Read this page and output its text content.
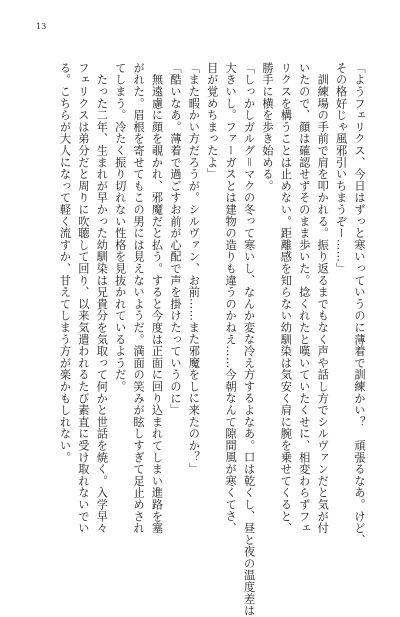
13
「ようフェリクス、今日はずっと寒いっていうのに薄着で訓練かい？　頑張るなあ。けど、
その格好じゃ風邪引いちまうぞー……」
　訓練場の手前で肩を叩かれる。振り返るまでもなく声や話し方でシルヴァンだと気が付
いたので、顔は確認せずそのまま歩いた。捻くれたと嘆いていたくせに、相変わらずフェ
リクスを構うことは止めない。距離感を知らない幼馴染は気安く肩に腕を乗せてくると、
勝手に横を歩き始める。
「しっかしガルグ＝マクの冬って寒いし、なんか変な冷え方するよなあ。口は乾くし、昼と夜の温度差は
大きいし。ファーガスとは建物の造りも違うのかねえ……今朝なんて隙間風が寒くてさ、
目が覚めちまったよ」
「また暇かい方だろうが。シルヴァン、お前……また邪魔をしに来たのか？」
「酷いなあ。薄着で過ごすお前が心配で声を掛けたっていうのに」
　無遠慮に顔を覗かれ、邪魔だと払う。すると今度は正面に回り込まれてしまい進路を塞
がれた。眉根を寄せてもこの男には見えないようだ。満面の笑みが眩しすぎて足止めされ
てしまう。冷たく振り切れない性格を見抜かれているようだ。
　たった二年、生まれが早かった幼馴染は兄貴分を気取って何かと世話を焼く。入学早々
フェリクスは弟分だと周りに吹聴して回り、以来気遣われるたび素直に受け取れないでい
る。こちらが大人になって軽く流すか、甘えてしまう方が楽かもしれない。
